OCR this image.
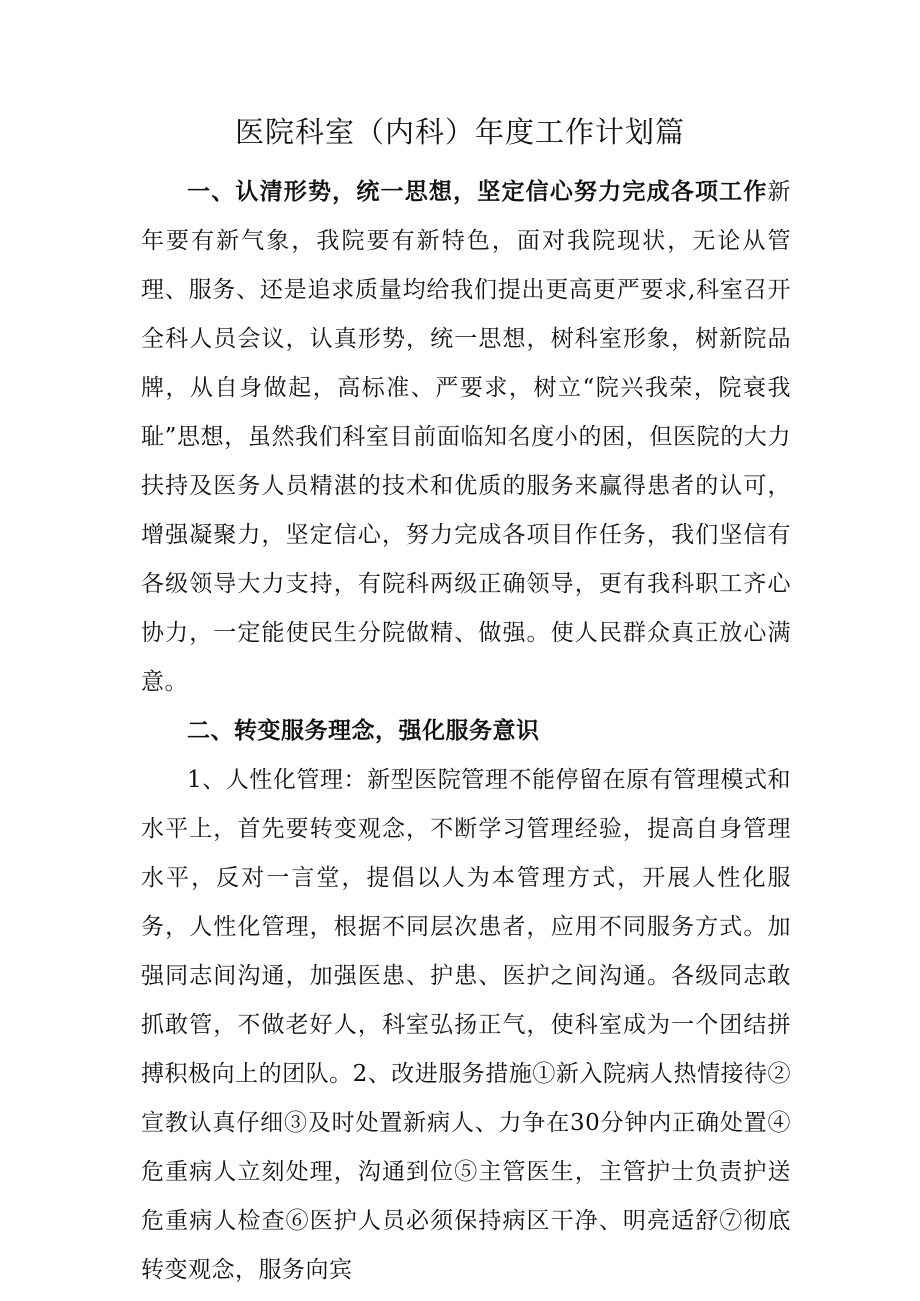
医院科室（内科）年度工作计划篇

一、认清形势，统一思想，坚定信心努力完成各项工作新年要有新气象，我院要有新特色，面对我院现状，无论从管理、服务、还是追求质量均给我们提出更高更严要求,科室召开全科人员会议，认真形势，统一思想，树科室形象，树新院品牌，从自身做起，高标准、严要求，树立“院兴我荣，院衰我耻”思想，虽然我们科室目前面临知名度小的困，但医院的大力扶持及医务人员精湛的技术和优质的服务来赢得患者的认可，增强凝聚力，坚定信心，努力完成各项目作任务，我们坚信有各级领导大力支持，有院科两级正确领导，更有我科职工齐心协力，一定能使民生分院做精、做强。使人民群众真正放心满意。

二、转变服务理念，强化服务意识

1、人性化管理：新型医院管理不能停留在原有管理模式和水平上，首先要转变观念，不断学习管理经验，提高自身管理水平，反对一言堂，提倡以人为本管理方式，开展人性化服务，人性化管理，根据不同层次患者，应用不同服务方式。加强同志间沟通，加强医患、护患、医护之间沟通。各级同志敢抓敢管，不做老好人，科室弘扬正气，使科室成为一个团结拼搏积极向上的团队。2、改进服务措施①新入院病人热情接待②宣教认真仔细③及时处置新病人、力争在30分钟内正确处置④危重病人立刻处理，沟通到位⑤主管医生，主管护士负责护送危重病人检查⑥医护人员必须保持病区干净、明亮适舒⑦彻底转变观念，服务向宾
